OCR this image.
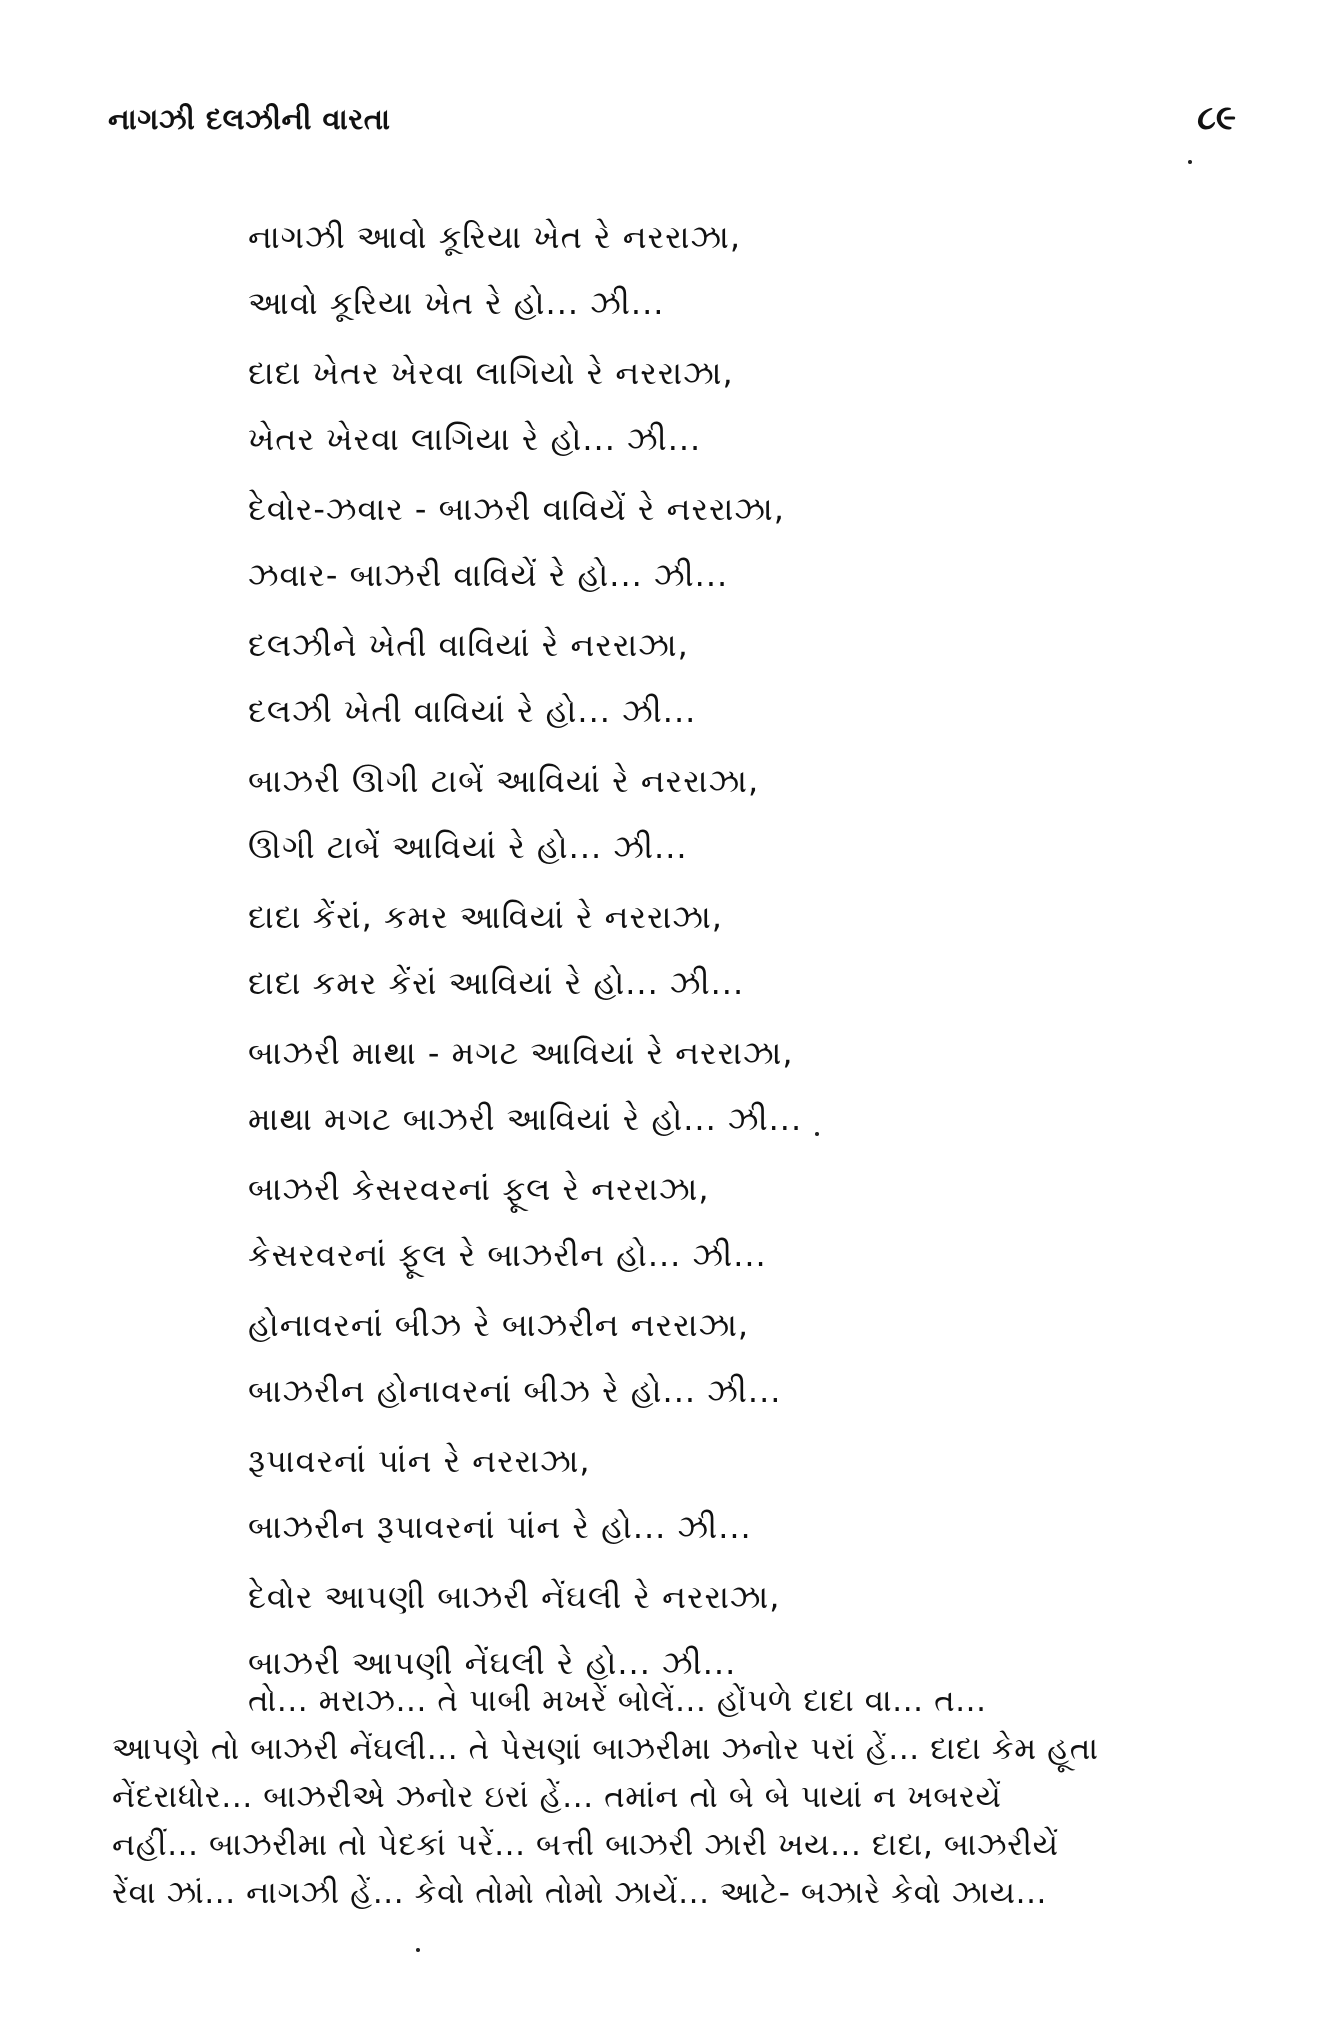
નાગઝી દલઝીની વારતા	૮૯
નાગઝી આવો કૂરિયા ખેત રે નરરાઝા,
આવો કૂરિયા ખેત રે હો... ઝી...
દાદા ખેતર ખેરવા લાગિયો રે નરરાઝા,
ખેતર ખેરવા લાગિયા રે હો... ઝી...
દેવોર-ઝવાર - બાઝરી વાવિયેં રે નરરાઝા,
ઝવાર- બાઝરી વાવિયેં રે હો... ઝી...
દલઝીને ખેતી વાવિયાં રે નરરાઝા,
દલઝી ખેતી વાવિયાં રે હો... ઝી...
બાઝરી ઊગી ટાબેં આવિયાં રે નરરાઝા,
ઊગી ટાબેં આવિયાં રે હો... ઝી...
દાદા કેંરાં, કમર આવિયાં રે નરરાઝા,
દાદા કમર કેંરાં આવિયાં રે હો... ઝી...
બાઝરી માથા - મગટ આવિયાં રે નરરાઝા,
માથા મગટ બાઝરી આવિયાં રે હો... ઝી...
બાઝરી કેસરવરનાં ફૂલ રે નરરાઝા,
કેસરવરનાં ફૂલ રે બાઝરીન હો... ઝી...
હોનાવરનાં બીઝ રે બાઝરીન નરરાઝા,
બાઝરીન હોનાવરનાં બીઝ રે હો... ઝી...
રૂપાવરનાં પાંન રે નરરાઝા,
બાઝરીન રૂપાવરનાં પાંન રે હો... ઝી...
દેવોર આપણી બાઝરી નેંઘલી રે નરરાઝા,
બાઝરી આપણી નેંઘલી રે હો... ઝી...
તો... મરાઝ... તે પાબી મખરેં બોલેં... હોંપળે દાદા વા... ત...
આપણે તો બાઝરી નેંઘલી... તે પેસણાં બાઝરીમા ઝનોર પરાં હેં... દાદા કેમ હૂતા
નેંદરાધોર... બાઝરીએ ઝનોર ઇરાં હેં... તમાંન તો બે બે પાયાં ન ખબરયેં
નહીં... બાઝરીમા તો પેદકાં પરેં... બત્તી બાઝરી ઝારી ખય... દાદા, બાઝરીયેં
રેંવા ઝાં... નાગઝી હેં... કેવો તોમો તોમો ઝાયેં... આટે- બઝારે કેવો ઝાય...
